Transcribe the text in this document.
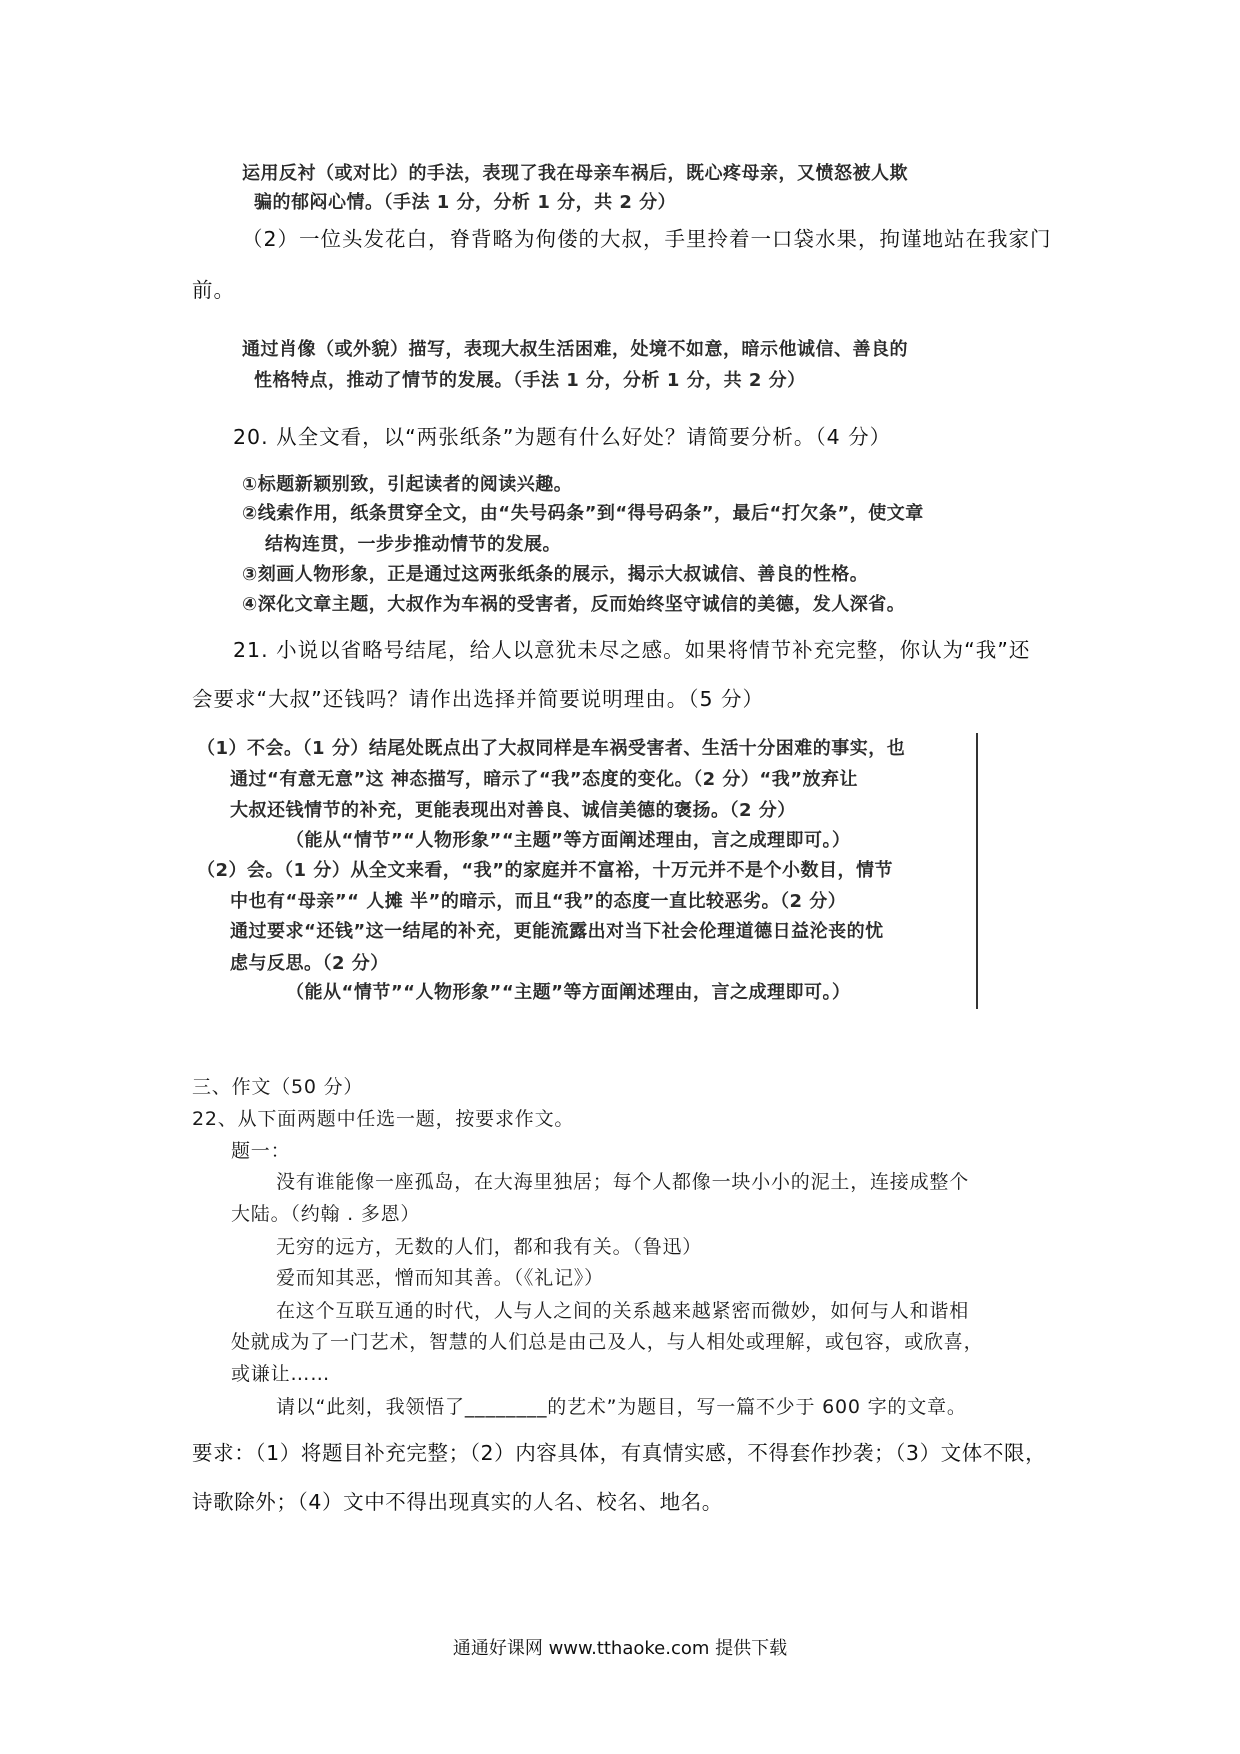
运用反衬（或对比）的手法，表现了我在母亲车祸后，既心疼母亲，又愤怒被人欺
骗的郁闷心情。（手法 1 分，分析 1 分，共 2 分）
（2）一位头发花白，脊背略为佝偻的大叔，手里拎着一口袋水果，拘谨地站在我家门
前。
通过肖像（或外貌）描写，表现大叔生活困难，处境不如意，暗示他诚信、善良的
性格特点，推动了情节的发展。（手法 1 分，分析 1 分，共 2 分）
20. 从全文看，以“两张纸条”为题有什么好处？请简要分析。（4 分）
①标题新颖别致，引起读者的阅读兴趣。
②线索作用，纸条贯穿全文，由“失号码条”到“得号码条”，最后“打欠条”，使文章
结构连贯，一步步推动情节的发展。
③刻画人物形象，正是通过这两张纸条的展示，揭示大叔诚信、善良的性格。
④深化文章主题，大叔作为车祸的受害者，反而始终坚守诚信的美德，发人深省。
21. 小说以省略号结尾，给人以意犹未尽之感。如果将情节补充完整，你认为“我”还
会要求“大叔”还钱吗？请作出选择并简要说明理由。（5 分）
（1）不会。（1 分）结尾处既点出了大叔同样是车祸受害者、生活十分困难的事实，也
通过“有意无意”这 神态描写，暗示了“我”态度的变化。（2 分）“我”放弃让
大叔还钱情节的补充，更能表现出对善良、诚信美德的褒扬。（2 分）
（能从“情节”“人物形象”“主题”等方面阐述理由，言之成理即可。）
（2）会。（1 分）从全文来看，“我”的家庭并不富裕，十万元并不是个小数目，情节
中也有“母亲”“ 人摊 半”的暗示，而且“我”的态度一直比较恶劣。（2 分）
通过要求“还钱”这一结尾的补充，更能流露出对当下社会伦理道德日益沦丧的忧
虑与反思。（2 分）
（能从“情节”“人物形象”“主题”等方面阐述理由，言之成理即可。）
三、作文（50 分）
22、从下面两题中任选一题，按要求作文。
题一：
没有谁能像一座孤岛，在大海里独居；每个人都像一块小小的泥土，连接成整个
大陆。（约翰 . 多恩）
无穷的远方，无数的人们，都和我有关。（鲁迅）
爱而知其恶，憎而知其善。（《礼记》）
在这个互联互通的时代，人与人之间的关系越来越紧密而微妙，如何与人和谐相
处就成为了一门艺术，智慧的人们总是由己及人，与人相处或理解，或包容，或欣喜，
或谦让……
请以“此刻，我领悟了________的艺术”为题目，写一篇不少于 600 字的文章。
要求：（1）将题目补充完整；（2）内容具体，有真情实感，不得套作抄袭；（3）文体不限，
诗歌除外；（4）文中不得出现真实的人名、校名、地名。
通通好课网 www.tthaoke.com 提供下载
